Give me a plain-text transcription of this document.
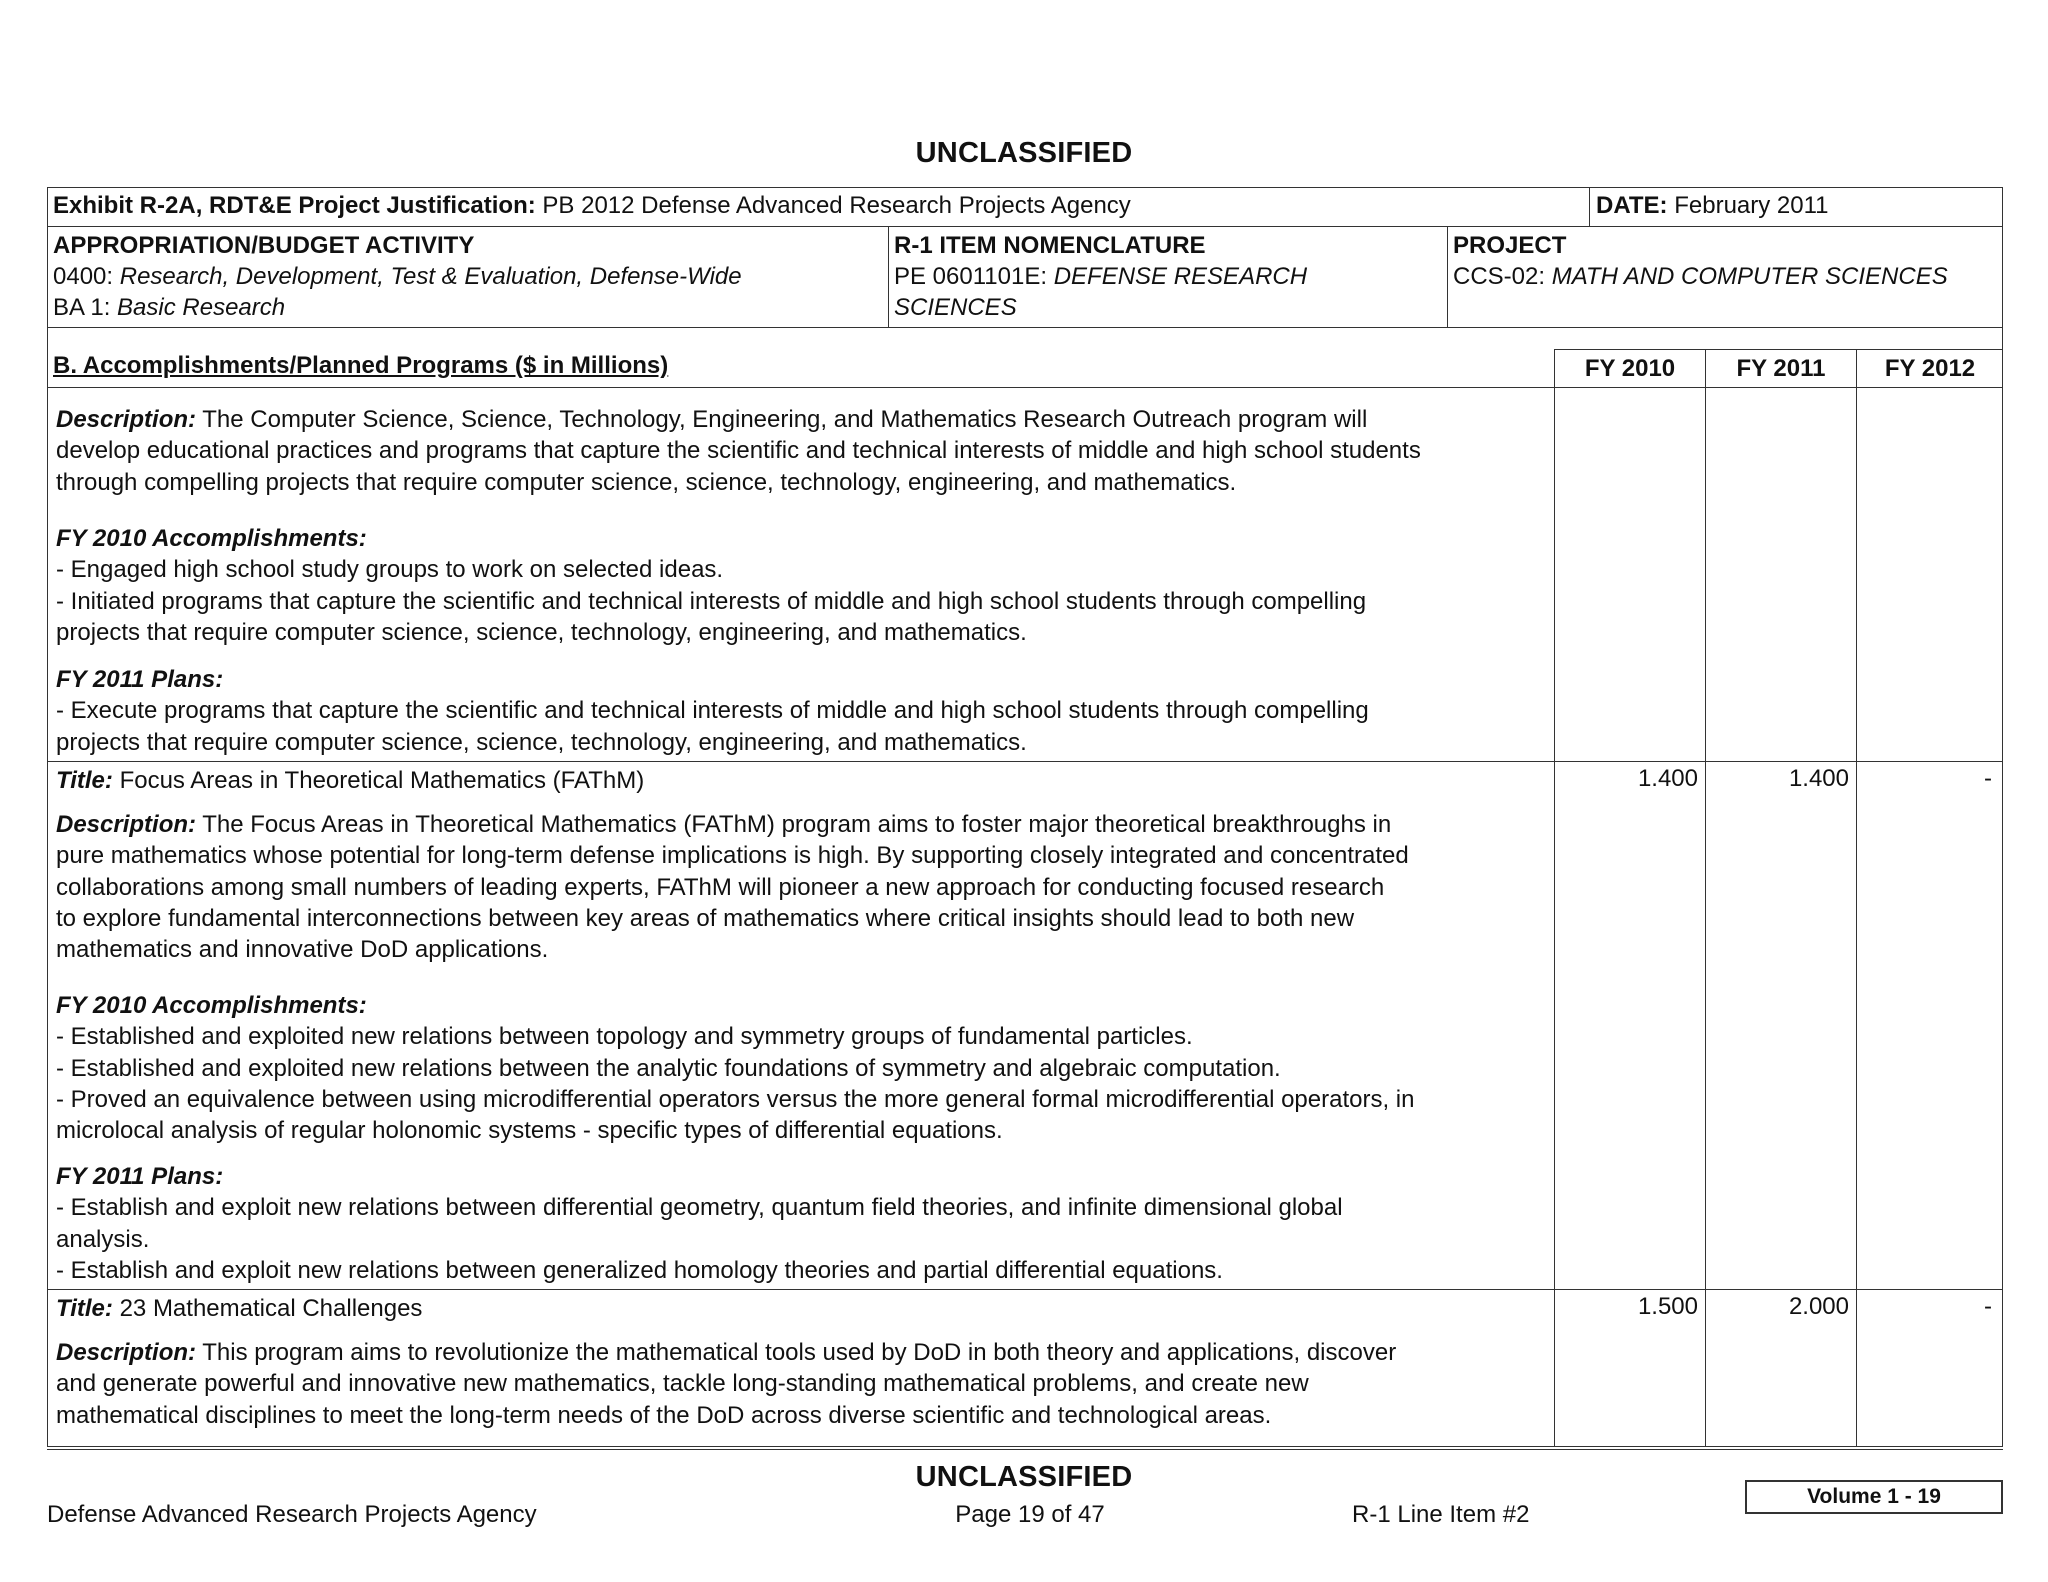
UNCLASSIFIED
Exhibit R-2A, RDT&E Project Justification: PB 2012 Defense Advanced Research Projects Agency	DATE: February 2011
APPROPRIATION/BUDGET ACTIVITY
0400: Research, Development, Test & Evaluation, Defense-Wide
BA 1: Basic Research
R-1 ITEM NOMENCLATURE
PE 0601101E: DEFENSE RESEARCH
SCIENCES
PROJECT
CCS-02: MATH AND COMPUTER SCIENCES
B. Accomplishments/Planned Programs ($ in Millions)	FY 2010	FY 2011	FY 2012
Description: The Computer Science, Science, Technology, Engineering, and Mathematics Research Outreach program will
develop educational practices and programs that capture the scientific and technical interests of middle and high school students
through compelling projects that require computer science, science, technology, engineering, and mathematics.
FY 2010 Accomplishments:
- Engaged high school study groups to work on selected ideas.
- Initiated programs that capture the scientific and technical interests of middle and high school students through compelling
projects that require computer science, science, technology, engineering, and mathematics.
FY 2011 Plans:
- Execute programs that capture the scientific and technical interests of middle and high school students through compelling
projects that require computer science, science, technology, engineering, and mathematics.
Title: Focus Areas in Theoretical Mathematics (FAThM)	1.400	1.400	-
Description: The Focus Areas in Theoretical Mathematics (FAThM) program aims to foster major theoretical breakthroughs in
pure mathematics whose potential for long-term defense implications is high. By supporting closely integrated and concentrated
collaborations among small numbers of leading experts, FAThM will pioneer a new approach for conducting focused research
to explore fundamental interconnections between key areas of mathematics where critical insights should lead to both new
mathematics and innovative DoD applications.
FY 2010 Accomplishments:
- Established and exploited new relations between topology and symmetry groups of fundamental particles.
- Established and exploited new relations between the analytic foundations of symmetry and algebraic computation.
- Proved an equivalence between using microdifferential operators versus the more general formal microdifferential operators, in
microlocal analysis of regular holonomic systems - specific types of differential equations.
FY 2011 Plans:
- Establish and exploit new relations between differential geometry, quantum field theories, and infinite dimensional global
analysis.
- Establish and exploit new relations between generalized homology theories and partial differential equations.
Title: 23 Mathematical Challenges	1.500	2.000	-
Description: This program aims to revolutionize the mathematical tools used by DoD in both theory and applications, discover
and generate powerful and innovative new mathematics, tackle long-standing mathematical problems, and create new
mathematical disciplines to meet the long-term needs of the DoD across diverse scientific and technological areas.
UNCLASSIFIED
Defense Advanced Research Projects Agency	Page 19 of 47	R-1 Line Item #2
Volume 1 - 19
